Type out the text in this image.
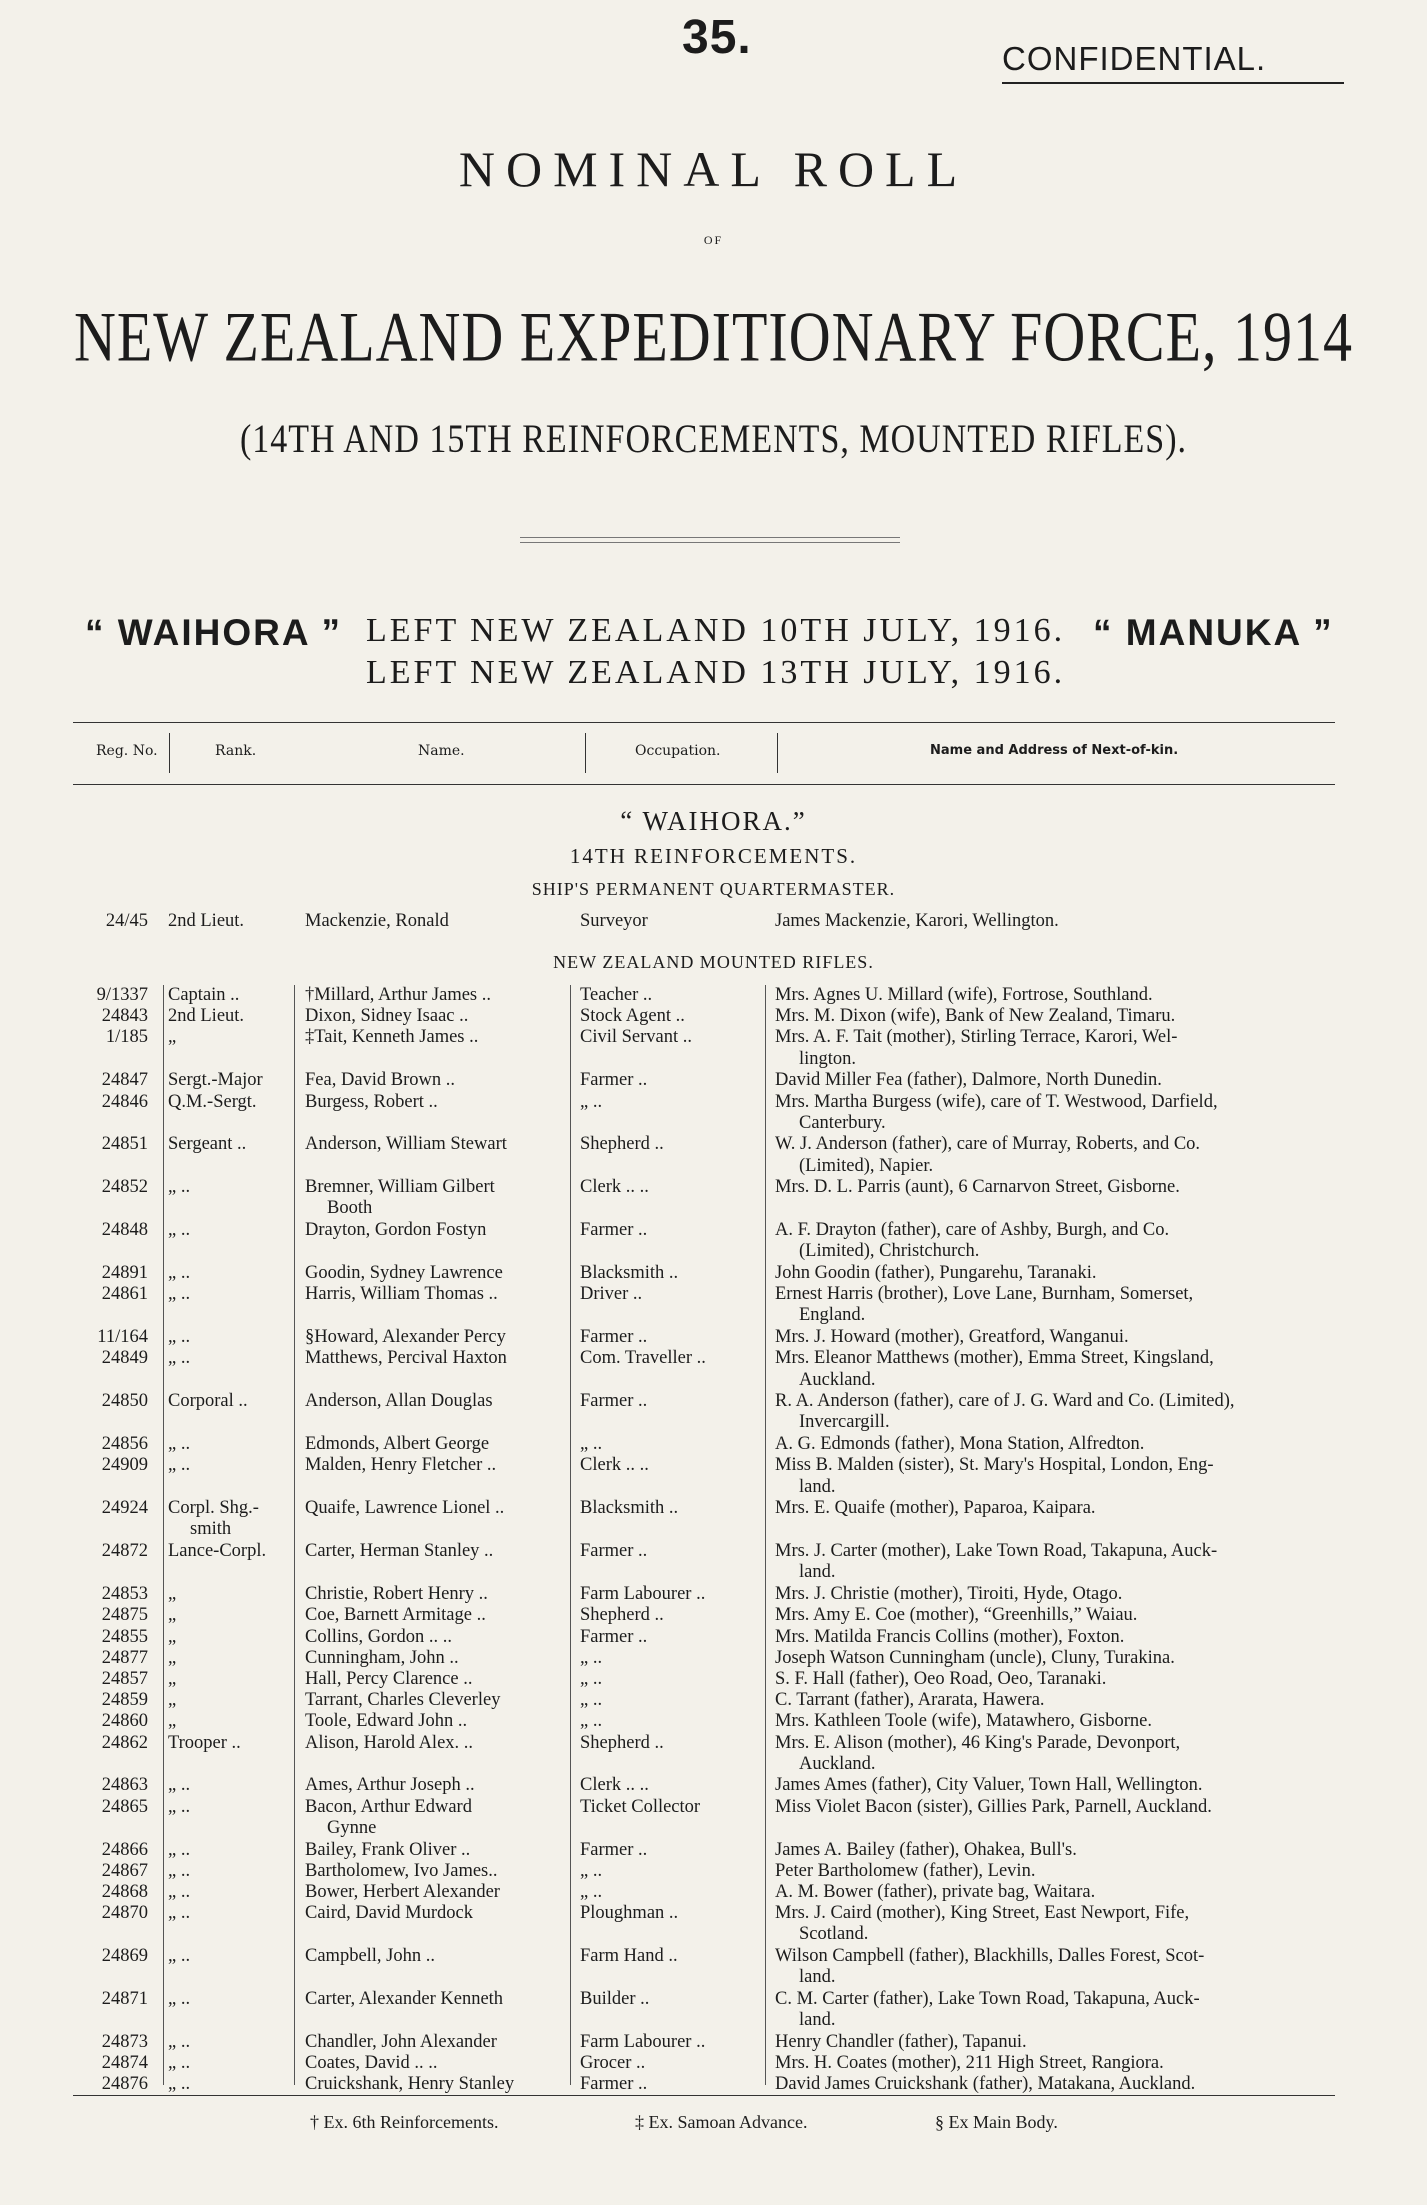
35.	CONFIDENTIAL.
NOMINAL ROLL
OF
NEW ZEALAND EXPEDITIONARY FORCE, 1914
(14TH AND 15TH REINFORCEMENTS, MOUNTED RIFLES).
“ WAIHORA ” LEFT NEW ZEALAND 10TH JULY, 1916. “ MANUKA ”
LEFT NEW ZEALAND 13TH JULY, 1916.
Reg. No.	Rank.	Name.	Occupation.	Name and Address of Next-of-kin.
“ WAIHORA.”
14TH REINFORCEMENTS.
SHIP'S PERMANENT QUARTERMASTER.
24/45 2nd Lieut.	Mackenzie, Ronald	Surveyor	James Mackenzie, Karori, Wellington.
NEW ZEALAND MOUNTED RIFLES.
9/1337 Captain ..	†Millard, Arthur James ..	Teacher ..	Mrs. Agnes U. Millard (wife), Fortrose, Southland.
24843 2nd Lieut.	Dixon, Sidney Isaac ..	Stock Agent ..	Mrs. M. Dixon (wife), Bank of New Zealand, Timaru.
1/185 „	‡Tait, Kenneth James ..	Civil Servant ..	Mrs. A. F. Tait (mother), Stirling Terrace, Karori, Wel-
lington.
24847 Sergt.-Major	Fea, David Brown ..	Farmer ..	David Miller Fea (father), Dalmore, North Dunedin.
24846 Q.M.-Sergt.	Burgess, Robert ..	„ ..	Mrs. Martha Burgess (wife), care of T. Westwood, Darfield,
Canterbury.
24851 Sergeant ..	Anderson, William Stewart	Shepherd ..	W. J. Anderson (father), care of Murray, Roberts, and Co.
(Limited), Napier.
24852 „ ..	Bremner, William Gilbert	Clerk .. ..	Mrs. D. L. Parris (aunt), 6 Carnarvon Street, Gisborne.
Booth
24848 „ ..	Drayton, Gordon Fostyn	Farmer ..	A. F. Drayton (father), care of Ashby, Burgh, and Co.
(Limited), Christchurch.
24891 „ ..	Goodin, Sydney Lawrence	Blacksmith ..	John Goodin (father), Pungarehu, Taranaki.
24861 „ ..	Harris, William Thomas ..	Driver ..	Ernest Harris (brother), Love Lane, Burnham, Somerset,
England.
11/164 „ ..	§Howard, Alexander Percy	Farmer ..	Mrs. J. Howard (mother), Greatford, Wanganui.
24849 „ ..	Matthews, Percival Haxton	Com. Traveller ..	Mrs. Eleanor Matthews (mother), Emma Street, Kingsland,
Auckland.
24850 Corporal ..	Anderson, Allan Douglas	Farmer ..	R. A. Anderson (father), care of J. G. Ward and Co. (Limited),
Invercargill.
24856 „ ..	Edmonds, Albert George	„ ..	A. G. Edmonds (father), Mona Station, Alfredton.
24909 „ ..	Malden, Henry Fletcher ..	Clerk .. ..	Miss B. Malden (sister), St. Mary's Hospital, London, Eng-
land.
24924 Corpl. Shg.-	Quaife, Lawrence Lionel ..	Blacksmith ..	Mrs. E. Quaife (mother), Paparoa, Kaipara.
smith
24872 Lance-Corpl.	Carter, Herman Stanley ..	Farmer ..	Mrs. J. Carter (mother), Lake Town Road, Takapuna, Auck-
land.
24853 „	Christie, Robert Henry ..	Farm Labourer ..	Mrs. J. Christie (mother), Tiroiti, Hyde, Otago.
24875 „	Coe, Barnett Armitage ..	Shepherd ..	Mrs. Amy E. Coe (mother), “Greenhills,” Waiau.
24855 „	Collins, Gordon .. ..	Farmer ..	Mrs. Matilda Francis Collins (mother), Foxton.
24877 „	Cunningham, John ..	„ ..	Joseph Watson Cunningham (uncle), Cluny, Turakina.
24857 „	Hall, Percy Clarence ..	„ ..	S. F. Hall (father), Oeo Road, Oeo, Taranaki.
24859 „	Tarrant, Charles Cleverley	„ ..	C. Tarrant (father), Ararata, Hawera.
24860 „	Toole, Edward John ..	„ ..	Mrs. Kathleen Toole (wife), Matawhero, Gisborne.
24862 Trooper ..	Alison, Harold Alex. ..	Shepherd ..	Mrs. E. Alison (mother), 46 King's Parade, Devonport,
Auckland.
24863 „ ..	Ames, Arthur Joseph ..	Clerk .. ..	James Ames (father), City Valuer, Town Hall, Wellington.
24865 „ ..	Bacon, Arthur Edward	Ticket Collector	Miss Violet Bacon (sister), Gillies Park, Parnell, Auckland.
Gynne
24866 „ ..	Bailey, Frank Oliver ..	Farmer ..	James A. Bailey (father), Ohakea, Bull's.
24867 „ ..	Bartholomew, Ivo James..	„ ..	Peter Bartholomew (father), Levin.
24868 „ ..	Bower, Herbert Alexander	„ ..	A. M. Bower (father), private bag, Waitara.
24870 „ ..	Caird, David Murdock	Ploughman ..	Mrs. J. Caird (mother), King Street, East Newport, Fife,
Scotland.
24869 „ ..	Campbell, John ..	Farm Hand ..	Wilson Campbell (father), Blackhills, Dalles Forest, Scot-
land.
24871 „ ..	Carter, Alexander Kenneth	Builder ..	C. M. Carter (father), Lake Town Road, Takapuna, Auck-
land.
24873 „ ..	Chandler, John Alexander	Farm Labourer ..	Henry Chandler (father), Tapanui.
24874 „ ..	Coates, David .. ..	Grocer ..	Mrs. H. Coates (mother), 211 High Street, Rangiora.
24876 „ ..	Cruickshank, Henry Stanley	Farmer ..	David James Cruickshank (father), Matakana, Auckland.
† Ex. 6th Reinforcements.	‡ Ex. Samoan Advance.	§ Ex Main Body.
